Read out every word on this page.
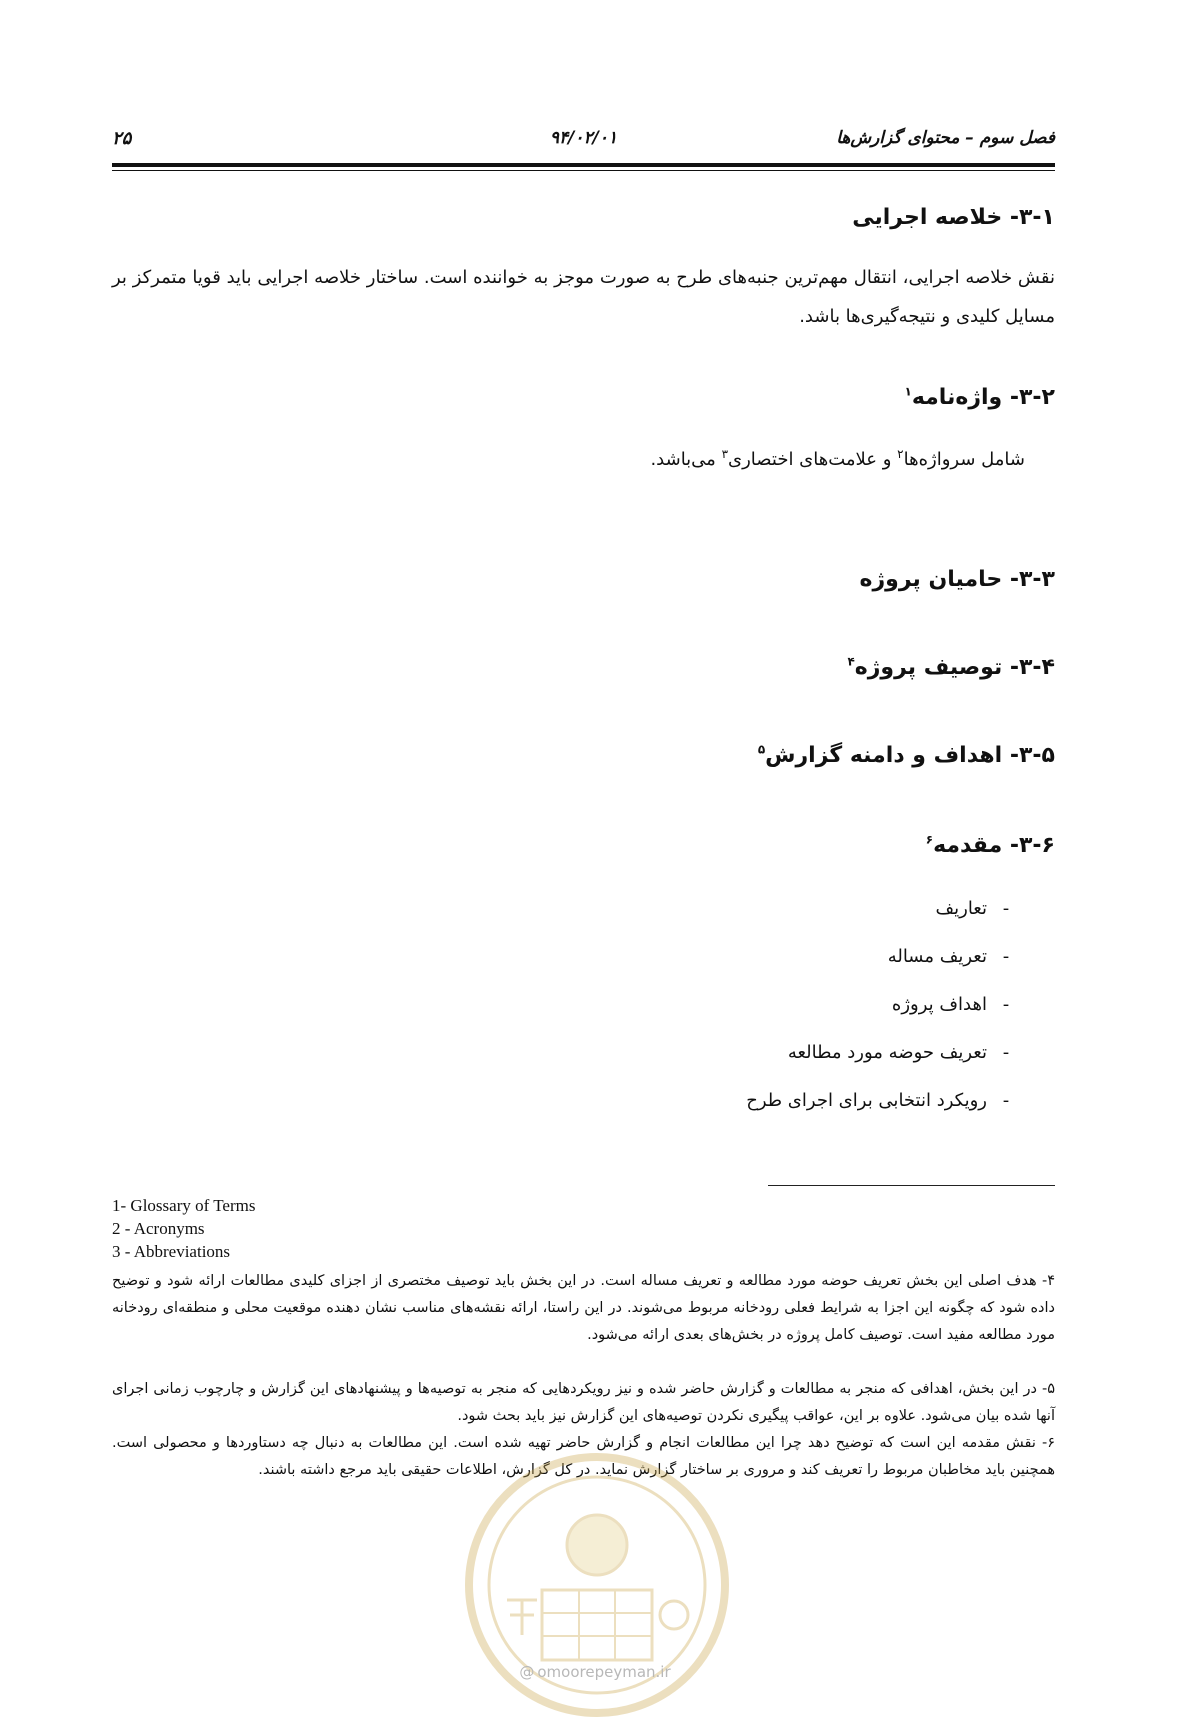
فصل سوم – محتوای گزارش‌ها
۹۴/۰۲/۰۱
۲۵
۳-۱- خلاصه اجرایی
نقش خلاصه اجرایی، انتقال مهم‌ترین جنبه‌های طرح به صورت موجز به خواننده است. ساختار خلاصه اجرایی باید قویا متمرکز بر مسایل کلیدی و نتیجه‌گیری‌ها باشد.
۳-۲- واژه‌نامه$^۱$
شامل سرواژه‌ها$^۲$ و علامت‌های اختصاری$^۳$ می‌باشد.
۳-۳- حامیان پروژه
۳-۴- توصیف پروژه$^۴$
۳-۵- اهداف و دامنه گزارش$^۵$
۳-۶- مقدمه$^۶$
-تعاریف
-تعریف مساله
-اهداف پروژه
-تعریف حوضه مورد مطالعه
-رویکرد انتخابی برای اجرای طرح
1- Glossary of Terms
2 - Acronyms
3 - Abbreviations
۴- هدف اصلی این بخش تعریف حوضه مورد مطالعه و تعریف مساله است. در این بخش باید توصیف مختصری از اجزای کلیدی مطالعات ارائه شود و توضیح داده شود که چگونه این اجزا به شرایط فعلی رودخانه مربوط می‌شوند. در این راستا، ارائه نقشه‌های مناسب نشان دهنده موقعیت محلی و منطقه‌ای رودخانه مورد مطالعه مفید است. توصیف کامل پروژه در بخش‌های بعدی ارائه می‌شود.
۵- در این بخش، اهدافی که منجر به مطالعات و گزارش حاضر شده و نیز رویکردهایی که منجر به توصیه‌ها و پیشنهادهای این گزارش و چارچوب زمانی اجرای آنها شده بیان می‌شود. علاوه بر این، عواقب پیگیری نکردن توصیه‌های این گزارش نیز باید بحث شود.
۶- نقش مقدمه این است که توضیح دهد چرا این مطالعات انجام و گزارش حاضر تهیه شده است. این مطالعات به دنبال چه دستاوردها و محصولی است. همچنین باید مخاطبان مربوط را تعریف کند و مروری بر ساختار گزارش نماید. در کل گزارش، اطلاعات حقیقی باید مرجع داشته باشند.
@ omoorepeyman.ir
